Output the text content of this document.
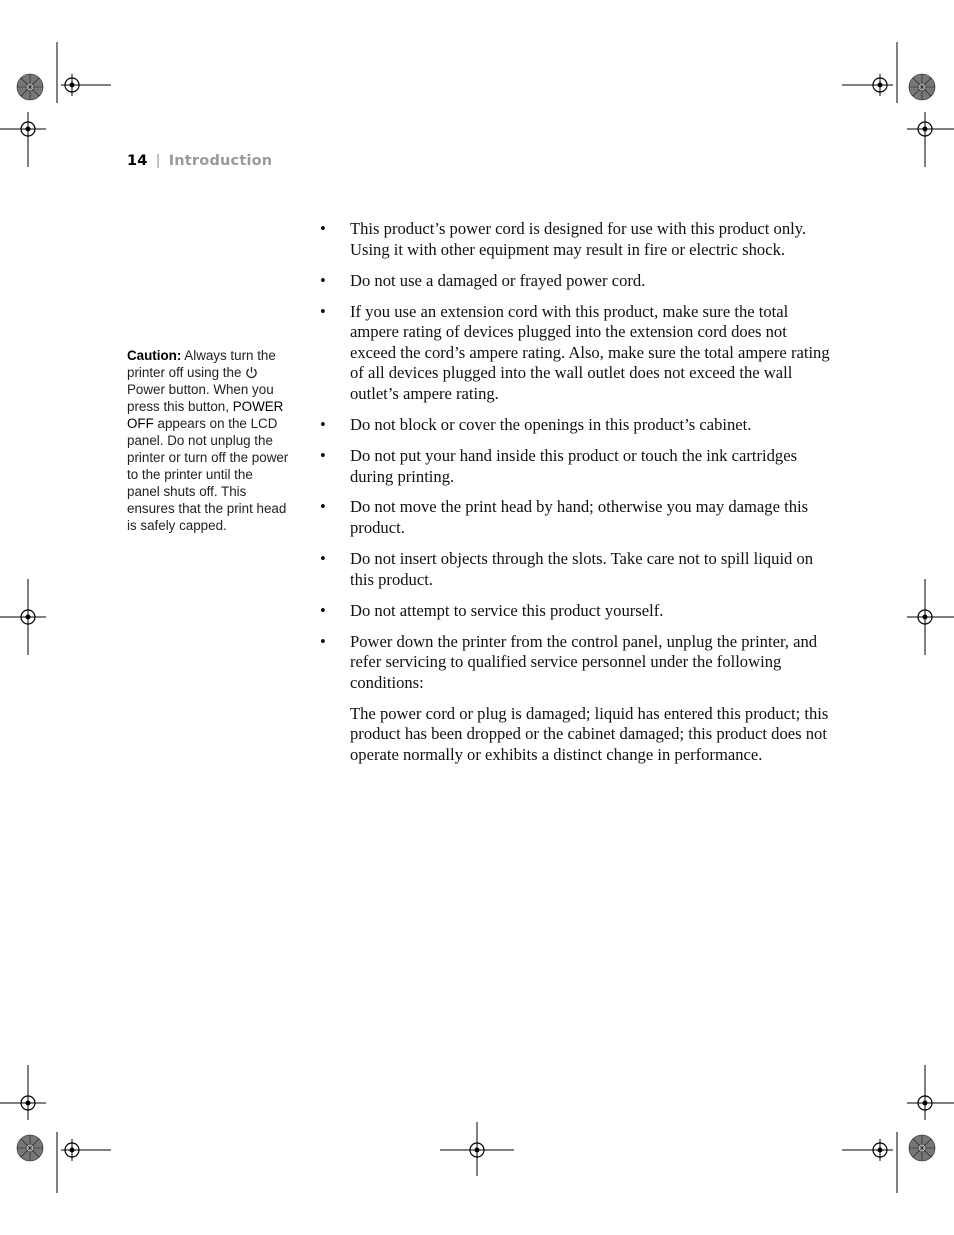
14 | Introduction
Caution: Always turn the printer off using the  Power button. When you press this button, POWER OFF appears on the LCD panel. Do not unplug the printer or turn off the power to the printer until the panel shuts off. This ensures that the print head is safely capped.
• This product’s power cord is designed for use with this product only. Using it with other equipment may result in fire or electric shock.
• Do not use a damaged or frayed power cord.
• If you use an extension cord with this product, make sure the total ampere rating of devices plugged into the extension cord does not exceed the cord’s ampere rating. Also, make sure the total ampere rating of all devices plugged into the wall outlet does not exceed the wall outlet’s ampere rating.
• Do not block or cover the openings in this product’s cabinet.
• Do not put your hand inside this product or touch the ink cartridges during printing.
• Do not move the print head by hand; otherwise you may damage this product.
• Do not insert objects through the slots. Take care not to spill liquid on this product.
• Do not attempt to service this product yourself.
• Power down the printer from the control panel, unplug the printer, and refer servicing to qualified service personnel under the following conditions:

The power cord or plug is damaged; liquid has entered this product; this product has been dropped or the cabinet damaged; this product does not operate normally or exhibits a distinct change in performance.
